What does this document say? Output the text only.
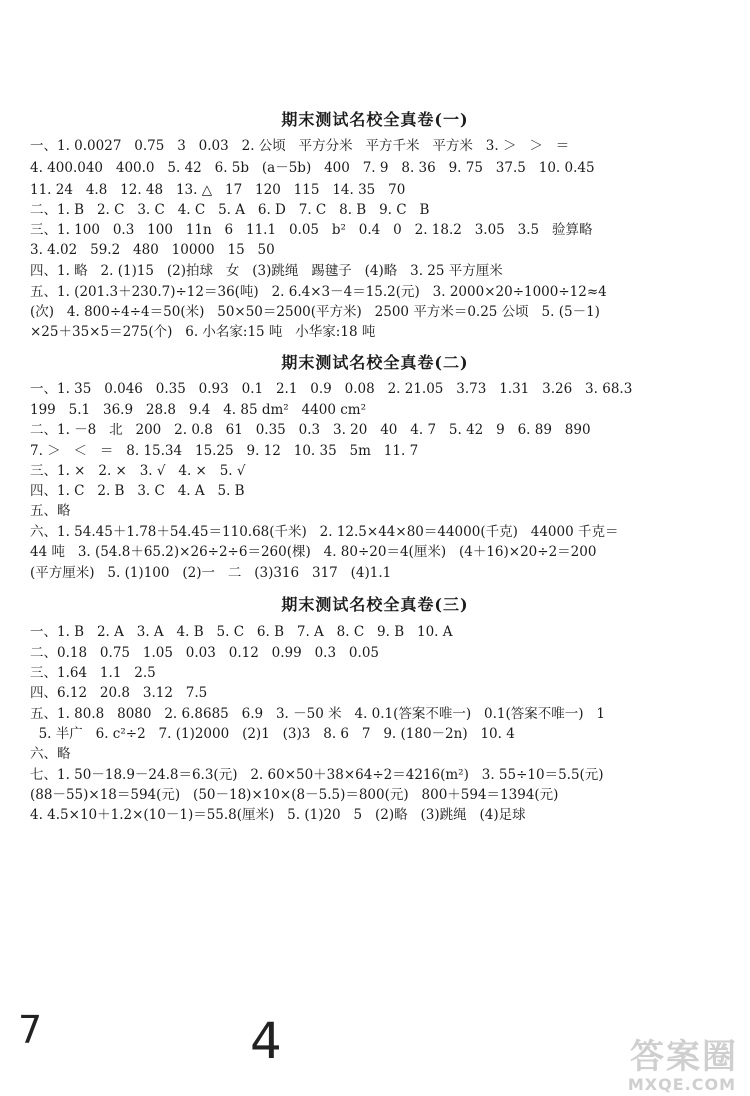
期末测试名校全真卷(一)
一、1. 0.0027   0.75   3   0.03   2. 公顷   平方分米   平方千米   平方米   3. ＞   ＞   ＝
4. 400.040   400.0   5. 42   6. 5b   (a－5b)   400   7. 9   8. 36   9. 75   37.5   10. 0.45
11. 24   4.8   12. 48   13. △   17   120   115   14. 35   70
二、1. B   2. C   3. C   4. C   5. A   6. D   7. C   8. B   9. C   B
三、1. 100   0.3   100   11n   6   11.1   0.05   b²   0.4   0   2. 18.2   3.05   3.5   验算略
3. 4.02   59.2   480   10000   15   50
四、1. 略   2. (1)15   (2)拍球   女   (3)跳绳   踢毽子   (4)略   3. 25 平方厘米
五、1. (201.3＋230.7)÷12＝36(吨)   2. 6.4×3－4＝15.2(元)   3. 2000×20÷1000÷12≈4
(次)   4. 800÷4÷4＝50(米)   50×50＝2500(平方米)   2500 平方米＝0.25 公顷   5. (5－1)
×25＋35×5＝275(个)   6. 小名家:15 吨   小华家:18 吨
期末测试名校全真卷(二)
一、1. 35   0.046   0.35   0.93   0.1   2.1   0.9   0.08   2. 21.05   3.73   1.31   3.26   3. 68.3
199   5.1   36.9   28.8   9.4   4. 85 dm²   4400 cm²
二、1. －8   北   200   2. 0.8   61   0.35   0.3   3. 20   40   4. 7   5. 42   9   6. 89   890
7. ＞   ＜   ＝   8. 15.34   15.25   9. 12   10. 35   5m   11. 7
三、1. ×   2. ×   3. √   4. ×   5. √
四、1. C   2. B   3. C   4. A   5. B
五、略
六、1. 54.45＋1.78＋54.45＝110.68(千米)   2. 12.5×44×80＝44000(千克)   44000 千克＝
44 吨   3. (54.8＋65.2)×26÷2÷6＝260(棵)   4. 80÷20＝4(厘米)   (4＋16)×20÷2＝200
(平方厘米)   5. (1)100   (2)一   二   (3)316   317   (4)1.1
期末测试名校全真卷(三)
一、1. B   2. A   3. A   4. B   5. C   6. B   7. A   8. C   9. B   10. A
二、0.18   0.75   1.05   0.03   0.12   0.99   0.3   0.05
三、1.64   1.1   2.5
四、6.12   20.8   3.12   7.5
五、1. 80.8   8080   2. 6.8685   6.9   3. －50 米   4. 0.1(答案不唯一)   0.1(答案不唯一)   1
5. 半广   6. c²÷2   7. (1)2000   (2)1   (3)3   8. 6   7   9. (180－2n)   10. 4
六、略
七、1. 50－18.9－24.8＝6.3(元)   2. 60×50＋38×64÷2＝4216(m²)   3. 55÷10＝5.5(元)
(88－55)×18＝594(元)   (50－18)×10×(8－5.5)＝800(元)   800＋594＝1394(元)
4. 4.5×10＋1.2×(10－1)＝55.8(厘米)   5. (1)20   5   (2)略   (3)跳绳   (4)足球
7	4	答案圈
MXQE.COM
